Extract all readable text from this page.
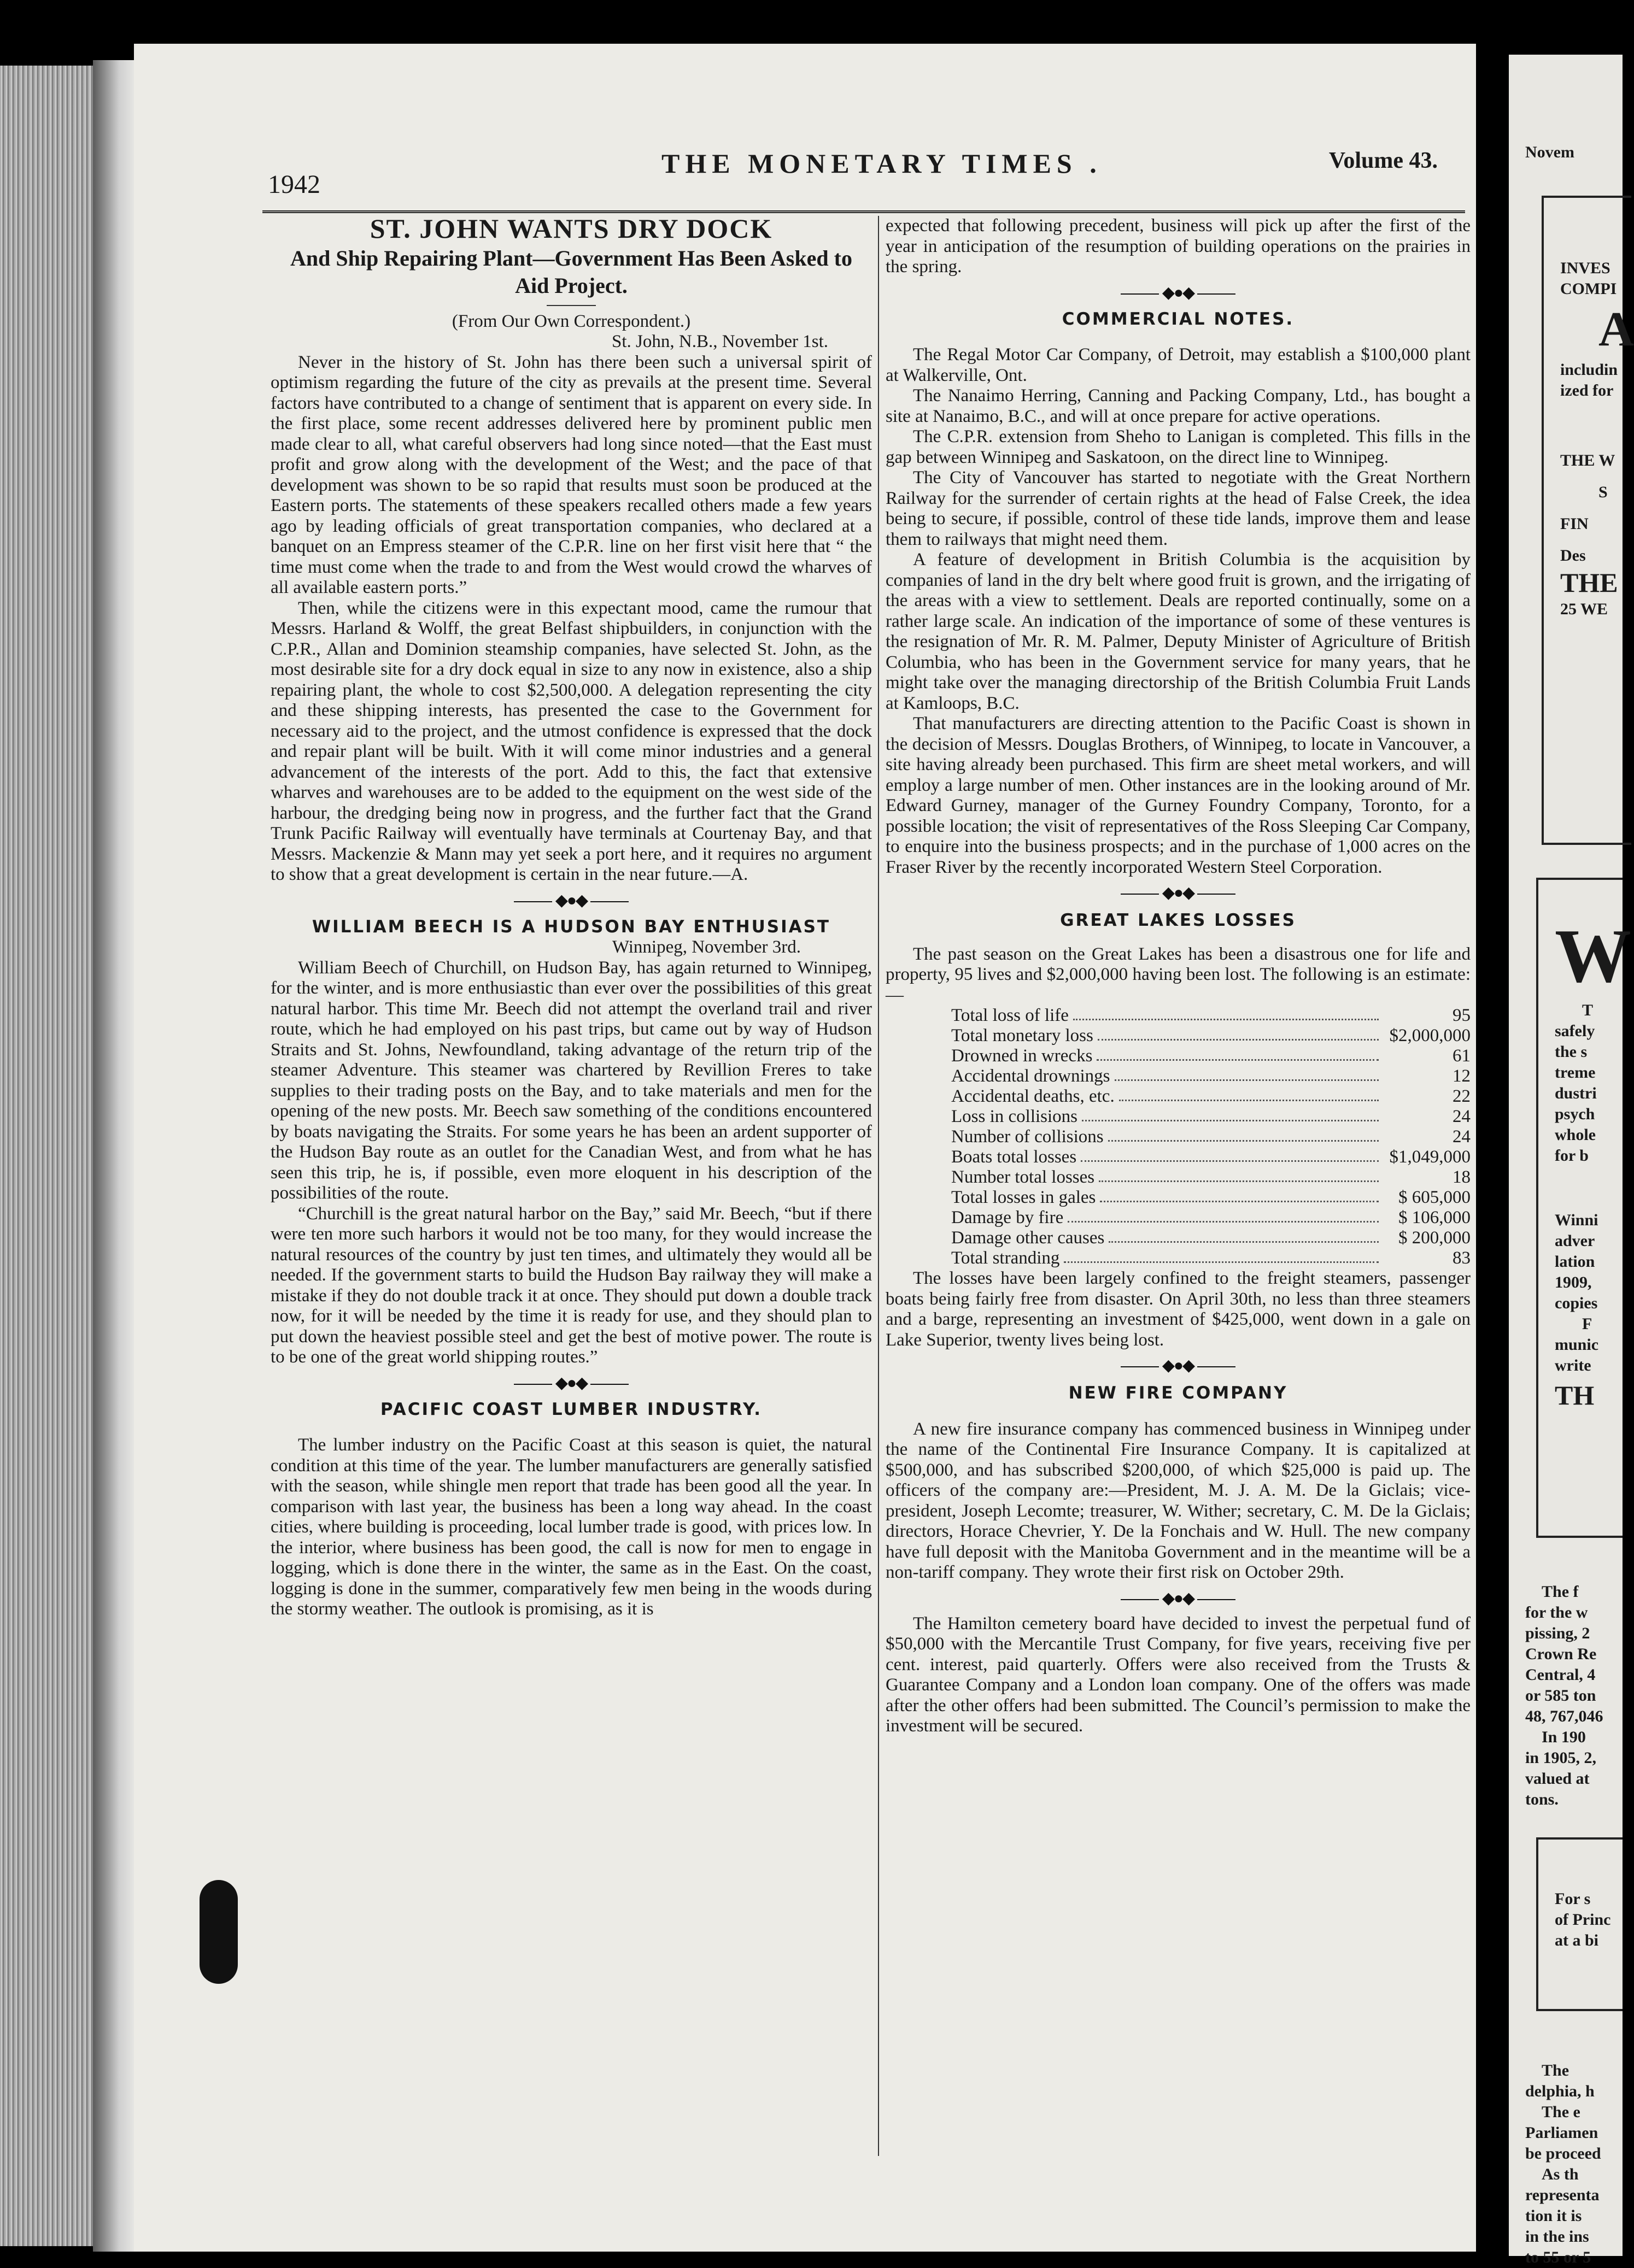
1942
THE MONETARY TIMES .	Volume 43.
ST. JOHN WANTS DRY DOCK
And Ship Repairing Plant—Government Has Been Asked to Aid Project.

(From Our Own Correspondent.)

St. John, N.B., November 1st.

Never in the history of St. John has there been such a universal spirit of optimism regarding the future of the city as prevails at the present time. Several factors have contributed to a change of sentiment that is apparent on every side. In the first place, some recent addresses delivered here by prominent public men made clear to all, what careful observers had long since noted—that the East must profit and grow along with the development of the West; and the pace of that development was shown to be so rapid that results must soon be produced at the Eastern ports. The statements of these speakers recalled others made a few years ago by leading officials of great transportation companies, who declared at a banquet on an Empress steamer of the C.P.R. line on her first visit here that “ the time must come when the trade to and from the West would crowd the wharves of all available eastern ports.”

Then, while the citizens were in this expectant mood, came the rumour that Messrs. Harland & Wolff, the great Belfast shipbuilders, in conjunction with the C.P.R., Allan and Dominion steamship companies, have selected St. John, as the most desirable site for a dry dock equal in size to any now in existence, also a ship repairing plant, the whole to cost $2,500,000. A delegation representing the city and these shipping interests, has presented the case to the Government for necessary aid to the project, and the utmost confidence is expressed that the dock and repair plant will be built. With it will come minor industries and a general advancement of the interests of the port. Add to this, the fact that extensive wharves and warehouses are to be added to the equipment on the west side of the harbour, the dredging being now in progress, and the further fact that the Grand Trunk Pacific Railway will eventually have terminals at Courtenay Bay, and that Messrs. Mackenzie & Mann may yet seek a port here, and it requires no argument to show that a great development is certain in the near future.—A.

◆●◆
WILLIAM BEECH IS A HUDSON BAY ENTHUSIAST

Winnipeg, November 3rd.

William Beech of Churchill, on Hudson Bay, has again returned to Winnipeg, for the winter, and is more enthusiastic than ever over the possibilities of this great natural harbor. This time Mr. Beech did not attempt the overland trail and river route, which he had employed on his past trips, but came out by way of Hudson Straits and St. Johns, Newfoundland, taking advantage of the return trip of the steamer Adventure. This steamer was chartered by Revillion Freres to take supplies to their trading posts on the Bay, and to take materials and men for the opening of the new posts. Mr. Beech saw something of the conditions encountered by boats navigating the Straits. For some years he has been an ardent supporter of the Hudson Bay route as an outlet for the Canadian West, and from what he has seen this trip, he is, if possible, even more eloquent in his description of the possibilities of the route.

“Churchill is the great natural harbor on the Bay,” said Mr. Beech, “but if there were ten more such harbors it would not be too many, for they would increase the natural resources of the country by just ten times, and ultimately they would all be needed. If the government starts to build the Hudson Bay railway they will make a mistake if they do not double track it at once. They should put down a double track now, for it will be needed by the time it is ready for use, and they should plan to put down the heaviest possible steel and get the best of motive power. The route is to be one of the great world shipping routes.”

◆●◆
PACIFIC COAST LUMBER INDUSTRY.

The lumber industry on the Pacific Coast at this season is quiet, the natural condition at this time of the year. The lumber manufacturers are generally satisfied with the season, while shingle men report that trade has been good all the year. In comparison with last year, the business has been a long way ahead. In the coast cities, where building is proceeding, local lumber trade is good, with prices low. In the interior, where business has been good, the call is now for men to engage in logging, which is done there in the winter, the same as in the East. On the coast, logging is done in the summer, comparatively few men being in the woods during the stormy weather. The outlook is promising, as it is

expected that following precedent, business will pick up after the first of the year in anticipation of the resumption of building operations on the prairies in the spring.

◆●◆
COMMERCIAL NOTES.

The Regal Motor Car Company, of Detroit, may establish a $100,000 plant at Walkerville, Ont.

The Nanaimo Herring, Canning and Packing Company, Ltd., has bought a site at Nanaimo, B.C., and will at once prepare for active operations.

The C.P.R. extension from Sheho to Lanigan is completed. This fills in the gap between Winnipeg and Saskatoon, on the direct line to Winnipeg.

The City of Vancouver has started to negotiate with the Great Northern Railway for the surrender of certain rights at the head of False Creek, the idea being to secure, if possible, control of these tide lands, improve them and lease them to railways that might need them.

A feature of development in British Columbia is the acquisition by companies of land in the dry belt where good fruit is grown, and the irrigating of the areas with a view to settlement. Deals are reported continually, some on a rather large scale. An indication of the importance of some of these ventures is the resignation of Mr. R. M. Palmer, Deputy Minister of Agriculture of British Columbia, who has been in the Government service for many years, that he might take over the managing directorship of the British Columbia Fruit Lands at Kamloops, B.C.

That manufacturers are directing attention to the Pacific Coast is shown in the decision of Messrs. Douglas Brothers, of Winnipeg, to locate in Vancouver, a site having already been purchased. This firm are sheet metal workers, and will employ a large number of men. Other instances are in the looking around of Mr. Edward Gurney, manager of the Gurney Foundry Company, Toronto, for a possible location; the visit of representatives of the Ross Sleeping Car Company, to enquire into the business prospects; and in the purchase of 1,000 acres on the Fraser River by the recently incorporated Western Steel Corporation.

◆●◆
GREAT LAKES LOSSES

The past season on the Great Lakes has been a disastrous one for life and property, 95 lives and $2,000,000 having been lost. The following is an estimate:—

Total loss of life	95
Total monetary loss	$2,000,000
Drowned in wrecks	61
Accidental drownings	12
Accidental deaths, etc.	22
Loss in collisions	24
Number of collisions	24
Boats total losses	$1,049,000
Number total losses	18
Total losses in gales	$ 605,000
Damage by fire	$ 106,000
Damage other causes	$ 200,000
Total stranding	83

The losses have been largely confined to the freight steamers, passenger boats being fairly free from disaster. On April 30th, no less than three steamers and a barge, representing an investment of $425,000, went down in a gale on Lake Superior, twenty lives being lost.

◆●◆
NEW FIRE COMPANY

A new fire insurance company has commenced business in Winnipeg under the name of the Continental Fire Insurance Company. It is capitalized at $500,000, and has subscribed $200,000, of which $25,000 is paid up. The officers of the company are:—President, M. J. A. M. De la Giclais; vice-president, Joseph Lecomte; treasurer, W. Wither; secretary, C. M. De la Giclais; directors, Horace Chevrier, Y. De la Fonchais and W. Hull. The new company have full deposit with the Manitoba Government and in the meantime will be a non-tariff company. They wrote their first risk on October 29th.

◆●◆

The Hamilton cemetery board have decided to invest the perpetual fund of $50,000 with the Mercantile Trust Company, for five years, receiving five per cent. interest, paid quarterly. Offers were also received from the Trusts & Guarantee Company and a London loan company. One of the offers was made after the other offers had been submitted. The Council’s permission to make the investment will be secured.

Novem
INVES
COMPI
A
includin
ized for
THE W
S
FIN
Des
THE
25 WE
W
T
safely
the s
treme
dustri
psych
whole
for b
Winni
adver
lation
1909,
copies
F
munic
write
TH
The f
for the w
pissing, 2
Crown Re
Central, 4
or 585 ton
48, 767,046
In 190
in 1905, 2,
valued at
tons.
For s
of Princ
at a bi
The
delphia, h
The e
Parliamen
be proceed
As th
representa
tion it is
in the ins
to 55 or 5
